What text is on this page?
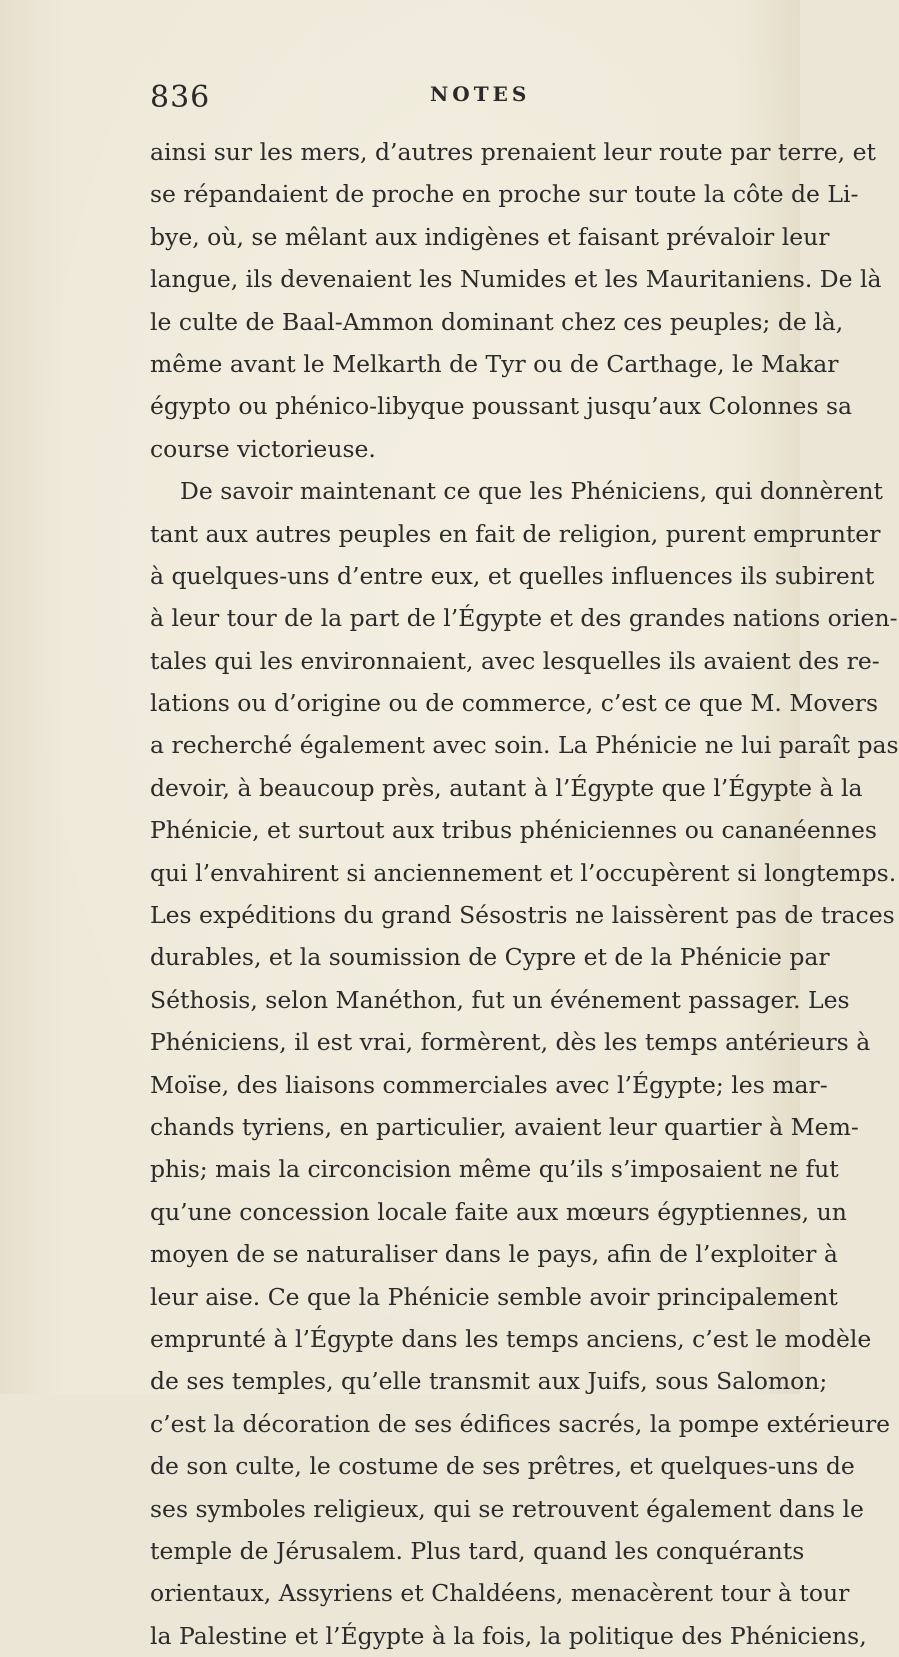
836	NOTES
ainsi sur les mers, d’autres prenaient leur route par terre, et
se répandaient de proche en proche sur toute la côte de Li-
bye, où, se mêlant aux indigènes et faisant prévaloir leur
langue, ils devenaient les Numides et les Mauritaniens. De là
le culte de Baal-Ammon dominant chez ces peuples; de là,
même avant le Melkarth de Tyr ou de Carthage, le Makar
égypto ou phénico-libyque poussant jusqu’aux Colonnes sa
course victorieuse.
De savoir maintenant ce que les Phéniciens, qui donnèrent
tant aux autres peuples en fait de religion, purent emprunter
à quelques-uns d’entre eux, et quelles influences ils subirent
à leur tour de la part de l’Égypte et des grandes nations orien-
tales qui les environnaient, avec lesquelles ils avaient des re-
lations ou d’origine ou de commerce, c’est ce que M. Movers
a recherché également avec soin. La Phénicie ne lui paraît pas
devoir, à beaucoup près, autant à l’Égypte que l’Égypte à la
Phénicie, et surtout aux tribus phéniciennes ou cananéennes
qui l’envahirent si anciennement et l’occupèrent si longtemps.
Les expéditions du grand Sésostris ne laissèrent pas de traces
durables, et la soumission de Cypre et de la Phénicie par
Séthosis, selon Manéthon, fut un événement passager. Les
Phéniciens, il est vrai, formèrent, dès les temps antérieurs à
Moïse, des liaisons commerciales avec l’Égypte; les mar-
chands tyriens, en particulier, avaient leur quartier à Mem-
phis; mais la circoncision même qu’ils s’imposaient ne fut
qu’une concession locale faite aux mœurs égyptiennes, un
moyen de se naturaliser dans le pays, afin de l’exploiter à
leur aise. Ce que la Phénicie semble avoir principalement
emprunté à l’Égypte dans les temps anciens, c’est le modèle
de ses temples, qu’elle transmit aux Juifs, sous Salomon;
c’est la décoration de ses édifices sacrés, la pompe extérieure
de son culte, le costume de ses prêtres, et quelques-uns de
ses symboles religieux, qui se retrouvent également dans le
temple de Jérusalem. Plus tard, quand les conquérants
orientaux, Assyriens et Chaldéens, menacèrent tour à tour
la Palestine et l’Égypte à la fois, la politique des Phéniciens,
